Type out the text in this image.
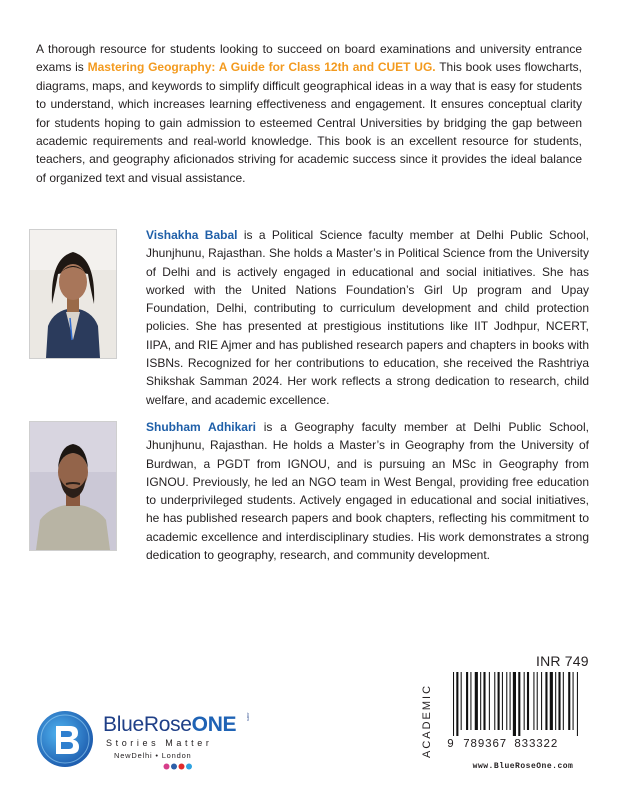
A thorough resource for students looking to succeed on board examinations and university entrance exams is Mastering Geography: A Guide for Class 12th and CUET UG. This book uses flowcharts, diagrams, maps, and keywords to simplify difficult geographical ideas in a way that is easy for students to understand, which increases learning effectiveness and engagement. It ensures conceptual clarity for students hoping to gain admission to esteemed Central Universities by bridging the gap between academic requirements and real-world knowledge. This book is an excellent resource for students, teachers, and geography aficionados striving for academic success since it provides the ideal balance of organized text and visual assistance.

Vishakha Babal is a Political Science faculty member at Delhi Public School, Jhunjhunu, Rajasthan. She holds a Master’s in Political Science from the University of Delhi and is actively engaged in educational and social initiatives. She has worked with the United Nations Foundation’s Girl Up program and Upay Foundation, Delhi, contributing to curriculum development and child protection policies. She has presented at prestigious institutions like IIT Jodhpur, NCERT, IIPA, and RIE Ajmer and has published research papers and chapters in books with ISBNs. Recognized for her contributions to education, she received the Rashtriya Shikshak Samman 2024. Her work reflects a strong dedication to research, child welfare, and academic excellence.

Shubham Adhikari is a Geography faculty member at Delhi Public School, Jhunjhunu, Rajasthan. He holds a Master’s in Geography from the University of Burdwan, a PGDT from IGNOU, and is pursuing an MSc in Geography from IGNOU. Previously, he led an NGO team in West Bengal, providing free education to underprivileged students. Actively engaged in educational and social initiatives, he has published research papers and book chapters, reflecting his commitment to academic excellence and interdisciplinary studies. His work demonstrates a strong dedication to geography, research, and community development.

BlueRoseONE .com
Stories Matter
NewDelhi • London
INR 749
ACADEMIC 9 789367 833322
www.BlueRoseOne.com
